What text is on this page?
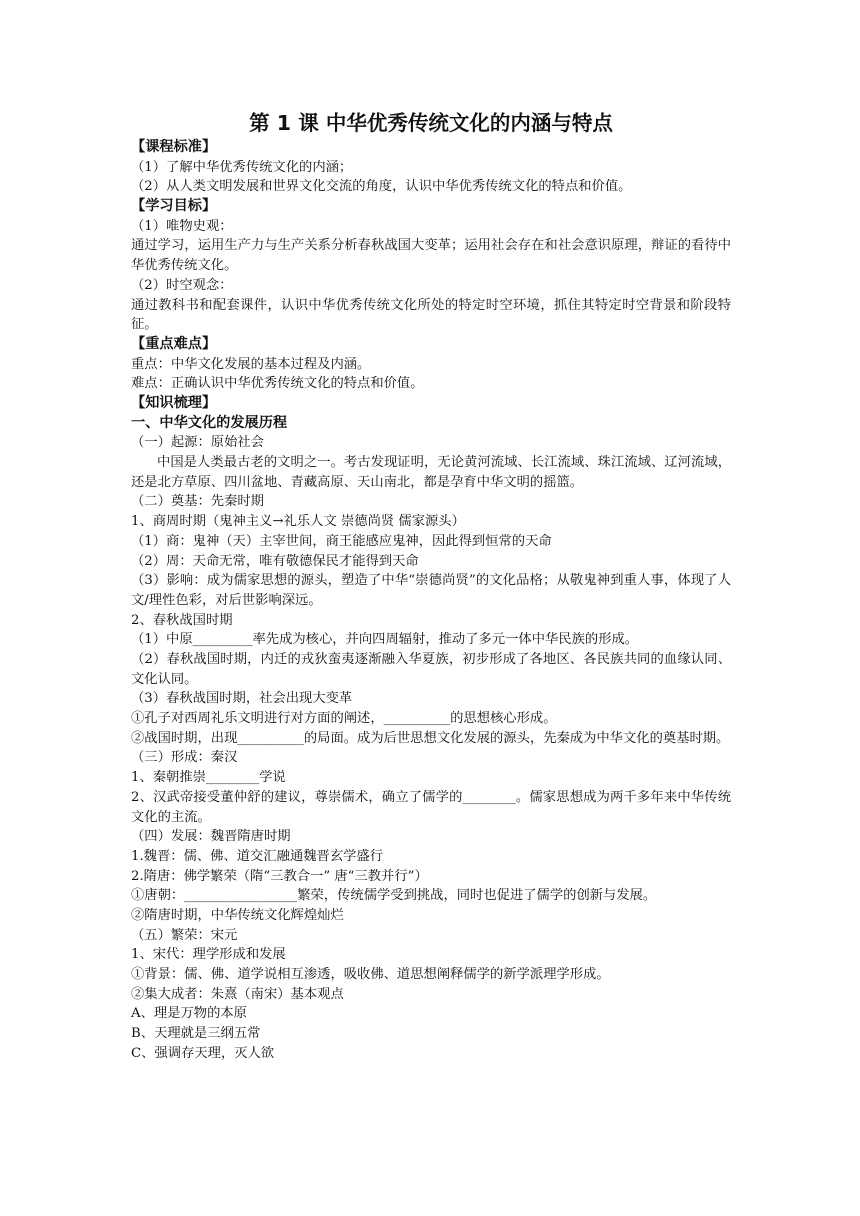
第 1 课 中华优秀传统文化的内涵与特点
【课程标准】
（1）了解中华优秀传统文化的内涵；
（2）从人类文明发展和世界文化交流的角度，认识中华优秀传统文化的特点和价值。
【学习目标】
（1）唯物史观：
通过学习，运用生产力与生产关系分析春秋战国大变革；运用社会存在和社会意识原理，辩证的看待中华优秀传统文化。
（2）时空观念：
通过教科书和配套课件，认识中华优秀传统文化所处的特定时空环境，抓住其特定时空背景和阶段特征。
【重点难点】
重点：中华文化发展的基本过程及内涵。
难点：正确认识中华优秀传统文化的特点和价值。
【知识梳理】
一、中华文化的发展历程
（一）起源：原始社会
中国是人类最古老的文明之一。考古发现证明，无论黄河流域、长江流域、珠江流域、辽河流域，还是北方草原、四川盆地、青藏高原、天山南北，都是孕育中华文明的摇篮。
（二）奠基：先秦时期
1、商周时期（鬼神主义→礼乐人文 崇德尚贤 儒家源头）
（1）商：鬼神（天）主宰世间，商王能感应鬼神，因此得到恒常的天命
（2）周：天命无常，唯有敬德保民才能得到天命
（3）影响：成为儒家思想的源头，塑造了中华“崇德尚贤”的文化品格；从敬鬼神到重人事，体现了人文/理性色彩，对后世影响深远。
2、春秋战国时期
（1）中原_________率先成为核心，并向四周辐射，推动了多元一体中华民族的形成。
（2）春秋战国时期，内迁的戎狄蛮夷逐渐融入华夏族，初步形成了各地区、各民族共同的血缘认同、文化认同。
（3）春秋战国时期，社会出现大变革
①孔子对西周礼乐文明进行对方面的阐述，__________的思想核心形成。
②战国时期，出现__________的局面。成为后世思想文化发展的源头，先秦成为中华文化的奠基时期。
（三）形成：秦汉
1、秦朝推崇________学说
2、汉武帝接受董仲舒的建议，尊崇儒术，确立了儒学的________。儒家思想成为两千多年来中华传统文化的主流。
（四）发展：魏晋隋唐时期
1.魏晋：儒、佛、道交汇融通魏晋玄学盛行
2.隋唐：佛学繁荣（隋“三教合一” 唐“三教并行”）
①唐朝：_________________繁荣，传统儒学受到挑战，同时也促进了儒学的创新与发展。
②隋唐时期，中华传统文化辉煌灿烂
（五）繁荣：宋元
1、宋代：理学形成和发展
①背景：儒、佛、道学说相互渗透，吸收佛、道思想阐释儒学的新学派理学形成。
②集大成者：朱熹（南宋）基本观点
A、理是万物的本原
B、天理就是三纲五常
C、强调存天理，灭人欲
